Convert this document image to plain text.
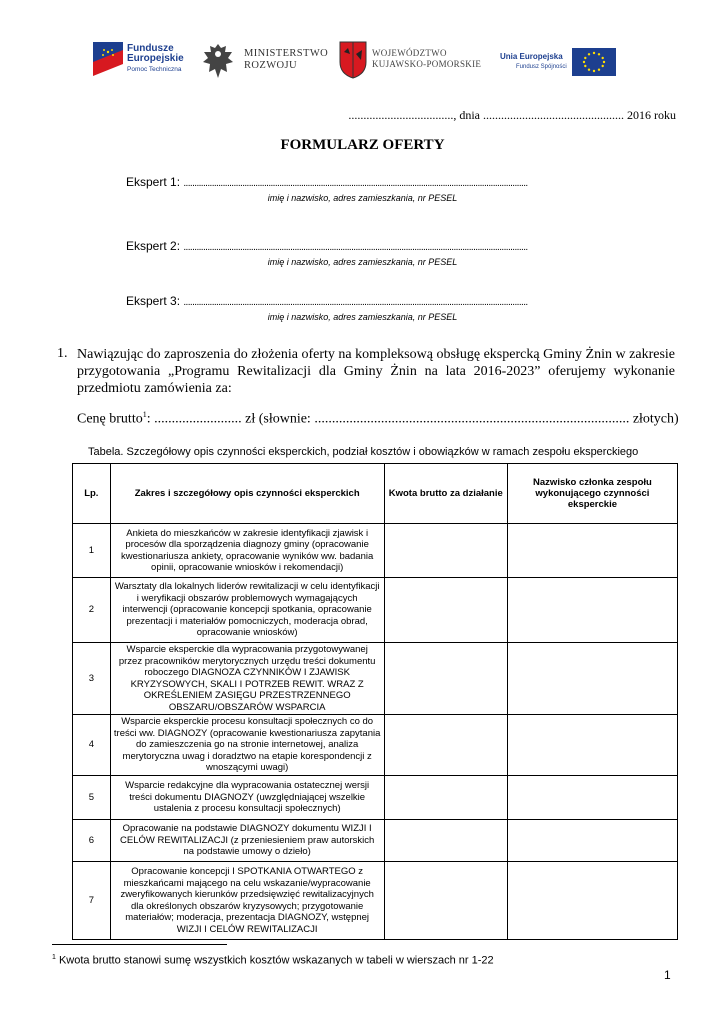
Fundusze
Europejskie
Pomoc Techniczna
MINISTERSTWO
ROZWOJU
WOJEWÓDZTWO
KUJAWSKO-POMORSKIE
Unia Europejska
Fundusz Spójności
..................................., dnia ............................................... 2016 roku
FORMULARZ OFERTY
Ekspert 1: ..............................................................................................................................................................
imię i nazwisko, adres zamieszkania, nr PESEL
Ekspert 2: ..............................................................................................................................................................
imię i nazwisko, adres zamieszkania, nr PESEL
Ekspert 3: ..............................................................................................................................................................
imię i nazwisko, adres zamieszkania, nr PESEL
1. Nawiązując do zaproszenia do złożenia oferty na kompleksową obsługę ekspercką Gminy Żnin w zakresie przygotowania „Programu Rewitalizacji dla Gminy Żnin na lata 2016-2023” oferujemy wykonanie przedmiotu zamówienia za:
Cenę brutto$^1$: ......................... zł (słownie: .......................................................................................... złotych)
Tabela. Szczegółowy opis czynności eksperckich, podział kosztów i obowiązków w ramach zespołu eksperckiego
Lp.	Zakres i szczegółowy opis czynności eksperckich	Kwota brutto za działanie	Nazwisko członka zespołu wykonującego czynności eksperckie
1	Ankieta do mieszkańców w zakresie identyfikacji zjawisk i procesów dla sporządzenia diagnozy gminy (opracowanie kwestionariusza ankiety, opracowanie wyników ww. badania opinii, opracowanie wniosków i rekomendacji)		
2	Warsztaty dla lokalnych liderów rewitalizacji w celu identyfikacji i weryfikacji obszarów problemowych wymagających interwencji (opracowanie koncepcji spotkania, opracowanie prezentacji i materiałów pomocniczych, moderacja obrad, opracowanie wniosków)		
3	Wsparcie eksperckie dla wypracowania przygotowywanej przez pracowników merytorycznych urzędu treści dokumentu roboczego DIAGNOZA CZYNNIKÓW I ZJAWISK KRYZYSOWYCH, SKALI I POTRZEB REWIT. WRAZ Z OKREŚLENIEM ZASIĘGU PRZESTRZENNEGO OBSZARU/OBSZARÓW WSPARCIA		
4	Wsparcie eksperckie procesu konsultacji społecznych co do treści ww. DIAGNOZY (opracowanie kwestionariusza zapytania do zamieszczenia go na stronie internetowej, analiza merytoryczna uwag i doradztwo na etapie korespondencji z wnoszącymi uwagi)		
5	Wsparcie redakcyjne dla wypracowania ostatecznej wersji treści dokumentu DIAGNOZY (uwzględniającej wszelkie ustalenia z procesu konsultacji społecznych)		
6	Opracowanie na podstawie DIAGNOZY dokumentu WIZJI I CELÓW REWITALIZACJI (z przeniesieniem praw autorskich na podstawie umowy o dzieło)		
7	Opracowanie koncepcji I SPOTKANIA OTWARTEGO z mieszkańcami mającego na celu wskazanie/wypracowanie zweryfikowanych kierunków przedsięwzięć rewitalizacyjnych dla określonych obszarów kryzysowych; przygotowanie materiałów; moderacja, prezentacja DIAGNOZY, wstępnej WIZJI I CELÓW REWITALIZACJI		
$^1$ Kwota brutto stanowi sumę wszystkich kosztów wskazanych w tabeli w wierszach nr 1-22
1
